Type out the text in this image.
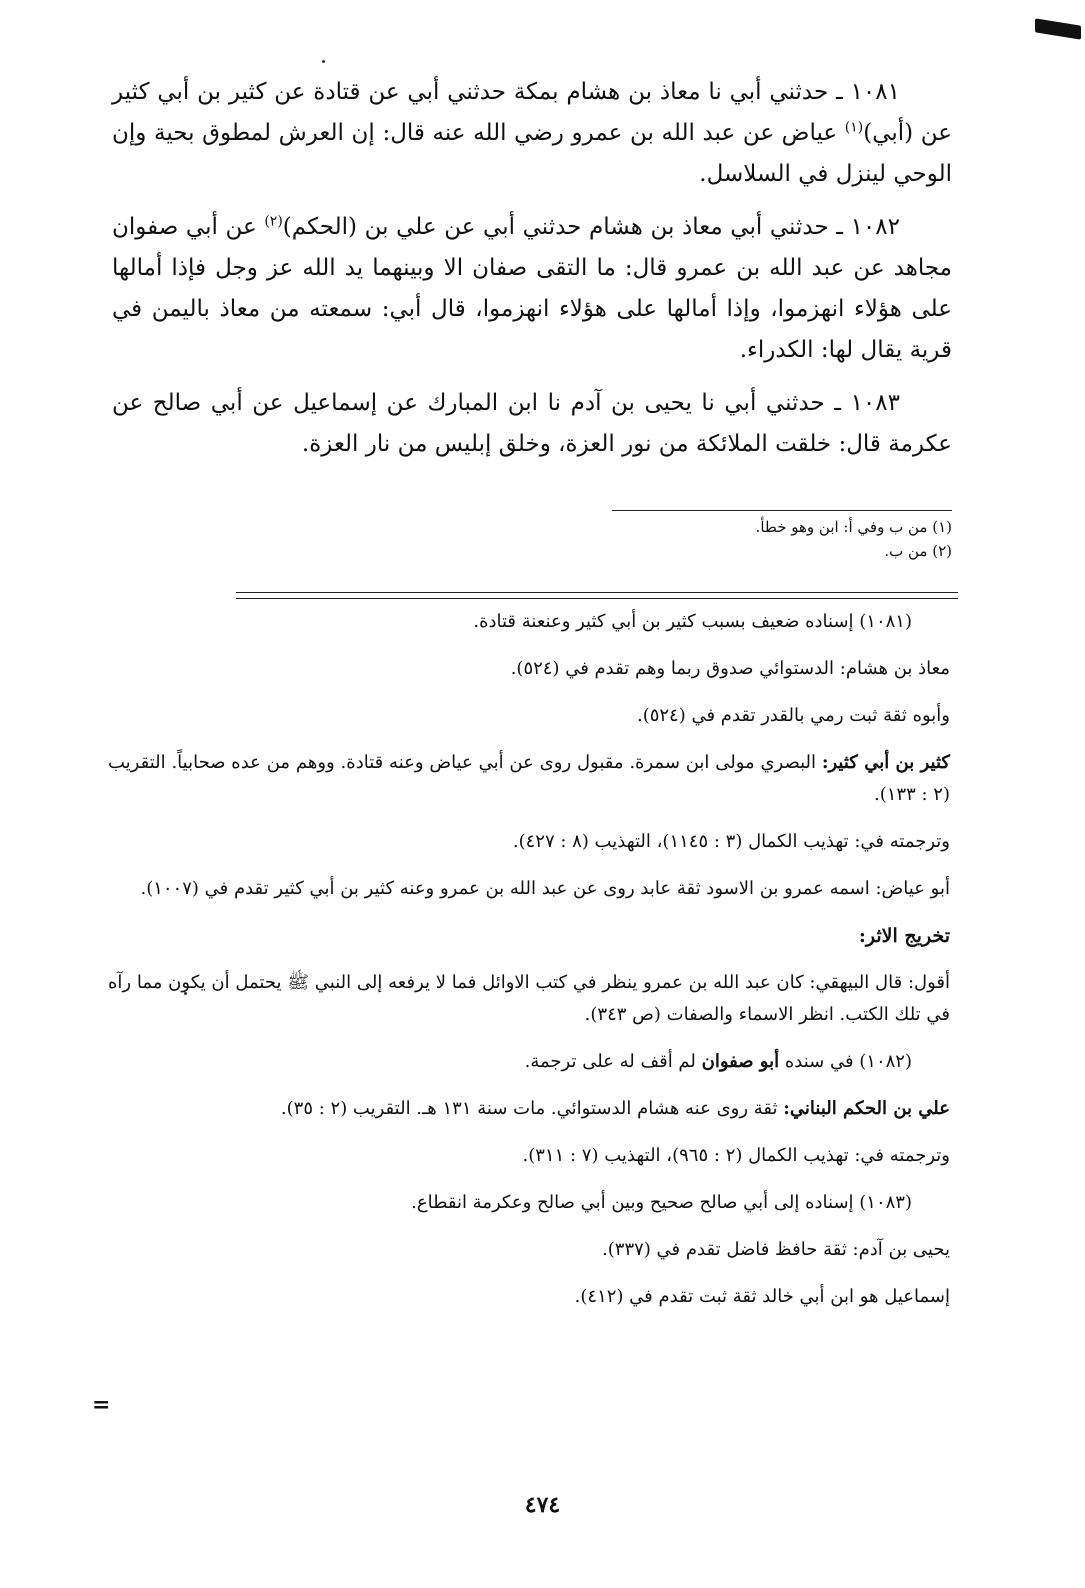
١٠٨١ ـ حدثني أبي نا معاذ بن هشام بمكة حدثني أبي عن قتادة عن كثير بن أبي كثير عن (أبي)$^{(١)}$ عياض عن عبد الله بن عمرو رضي الله عنه قال: إن العرش لمطوق بحية وإن الوحي لينزل في السلاسل.

١٠٨٢ ـ حدثني أبي معاذ بن هشام حدثني أبي عن علي بن (الحكم)$^{(٢)}$ عن أبي صفوان مجاهد عن عبد الله بن عمرو قال: ما التقى صفان الا وبينهما يد الله عز وجل فإذا أمالها على هؤلاء انهزموا، وإذا أمالها على هؤلاء انهزموا، قال أبي: سمعته من معاذ باليمن في قرية يقال لها: الكدراء.

١٠٨٣ ـ حدثني أبي نا يحيى بن آدم نا ابن المبارك عن إسماعيل عن أبي صالح عن عكرمة قال: خلقت الملائكة من نور العزة، وخلق إبليس من نار العزة.

(١) من ب وفي أ: ابن وهو خطأ.
(٢) من ب.

(١٠٨١) إسناده ضعيف بسبب كثير بن أبي كثير وعنعنة قتادة.

معاذ بن هشام: الدستوائي صدوق ربما وهم تقدم في (٥٢٤).

وأبوه ثقة ثبت رمي بالقدر تقدم في (٥٢٤).

كثير بن أبي كثير: البصري مولى ابن سمرة. مقبول روى عن أبي عياض وعنه قتادة. ووهم من عده صحابياً. التقريب (٢ : ١٣٣).

وترجمته في: تهذيب الكمال (٣ : ١١٤٥)، التهذيب (٨ : ٤٢٧).

أبو عياض: اسمه عمرو بن الاسود ثقة عابد روى عن عبد الله بن عمرو وعنه كثير بن أبي كثير تقدم في (١٠٠٧).

تخريج الاثر:

أقول: قال البيهقي: كان عبد الله بن عمرو ينظر في كتب الاوائل فما لا يرفعه إلى النبي ﷺ يحتمل أن يكون مما رآه في تلك الكتب. انظر الاسماء والصفات (ص ٣٤٣).

(١٠٨٢) في سنده أبو صفوان لم أقف له على ترجمة.

علي بن الحكم البناني: ثقة روى عنه هشام الدستوائي. مات سنة ١٣١ هـ. التقريب (٢ : ٣٥).

وترجمته في: تهذيب الكمال (٢ : ٩٦٥)، التهذيب (٧ : ٣١١).

(١٠٨٣) إسناده إلى أبي صالح صحيح وبين أبي صالح وعكرمة انقطاع.

يحيى بن آدم: ثقة حافظ فاضل تقدم في (٣٣٧).

إسماعيل هو ابن أبي خالد ثقة ثبت تقدم في (٤١٢).

=
٤٧٤
